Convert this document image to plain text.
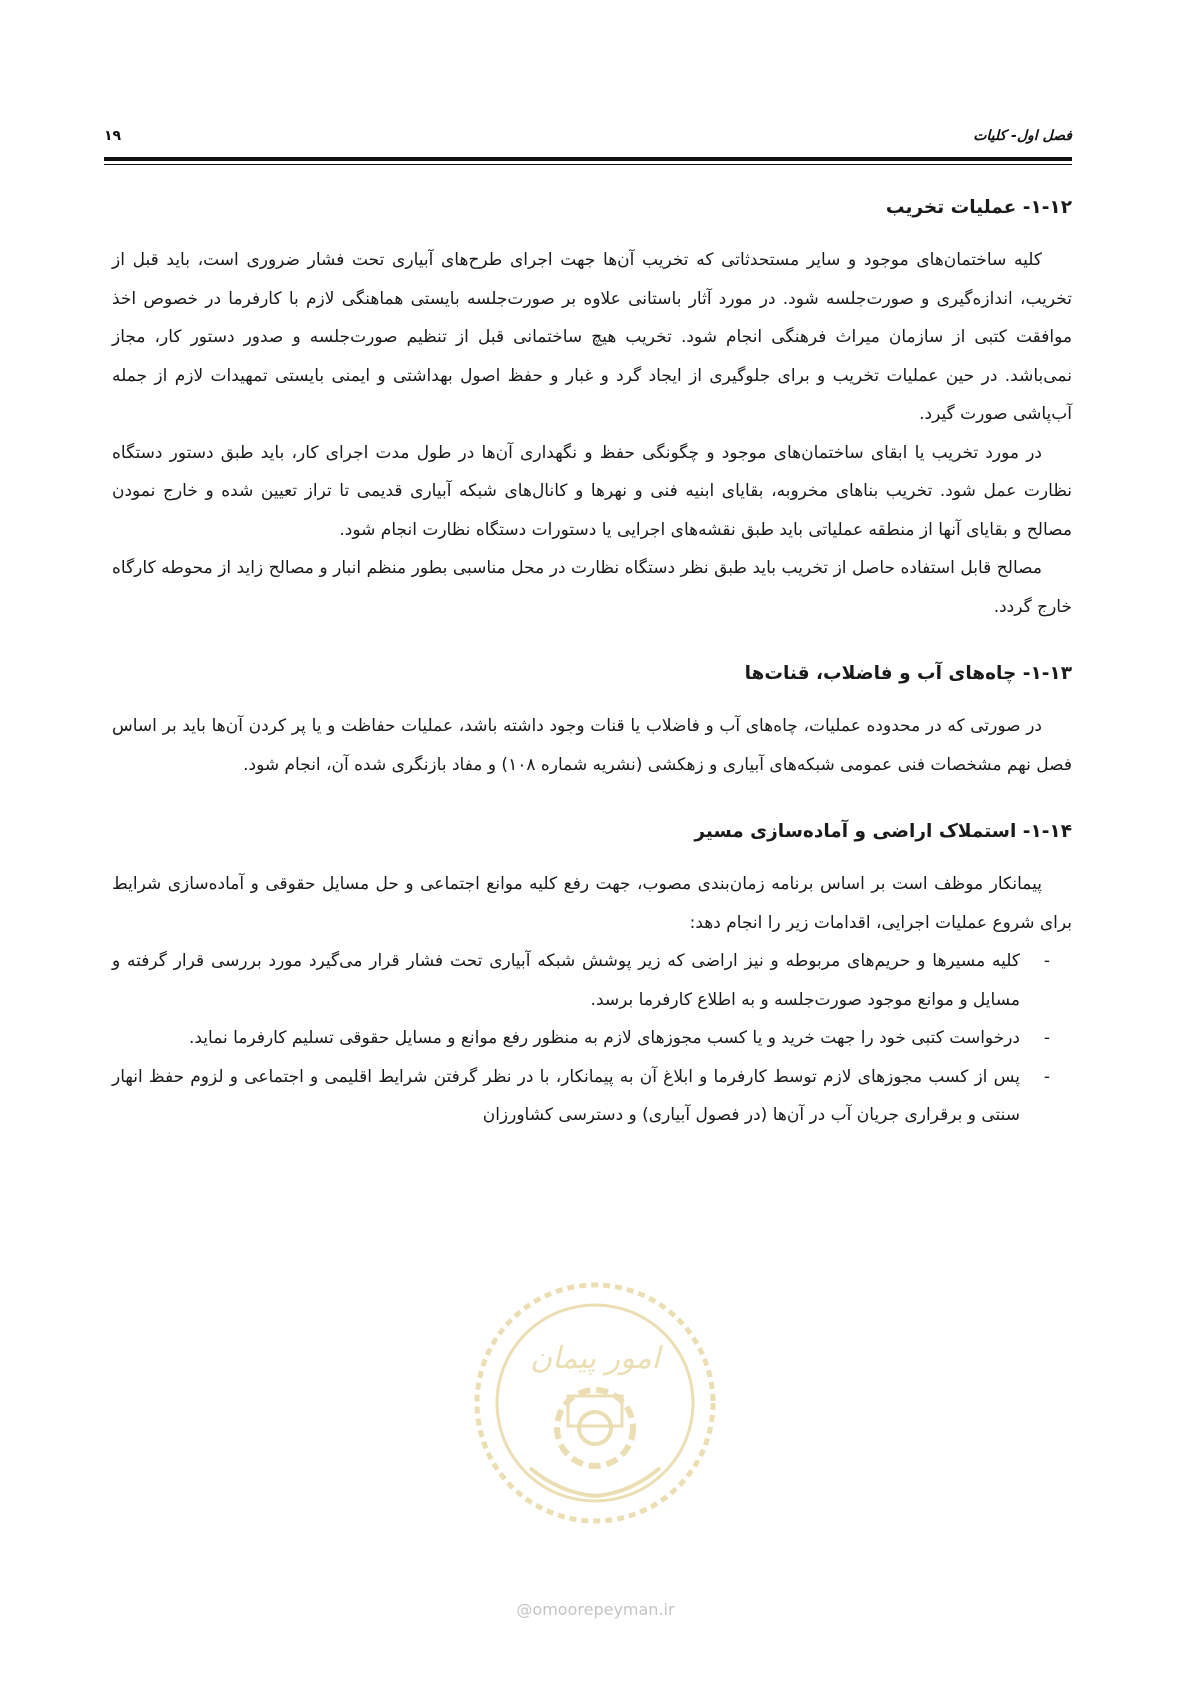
فصل اول- کلیات
۱۹
۱-۱۲- عملیات تخریب

کلیه ساختمان‌های موجود و سایر مستحدثاتی که تخریب آن‌ها جهت اجرای طرح‌های آبیاری تحت فشار ضروری است، باید قبل از تخریب، اندازه‌گیری و صورت‌جلسه شود. در مورد آثار باستانی علاوه بر صورت‌جلسه بایستی هماهنگی لازم با کارفرما در خصوص اخذ موافقت کتبی از سازمان میراث فرهنگی انجام شود. تخریب هیچ ساختمانی قبل از تنظیم صورت‌جلسه و صدور دستور کار، مجاز نمی‌باشد. در حین عملیات تخریب و برای جلوگیری از ایجاد گرد و غبار و حفظ اصول بهداشتی و ایمنی بایستی تمهیدات لازم از جمله آب‌پاشی صورت گیرد.

در مورد تخریب یا ابقای ساختمان‌های موجود و چگونگی حفظ و نگهداری آن‌ها در طول مدت اجرای کار، باید طبق دستور دستگاه نظارت عمل شود. تخریب بناهای مخروبه، بقایای ابنیه فنی و نهرها و کانال‌های شبکه آبیاری قدیمی تا تراز تعیین شده و خارج نمودن مصالح و بقایای آنها از منطقه عملیاتی باید طبق نقشه‌های اجرایی یا دستورات دستگاه نظارت انجام شود.

مصالح قابل استفاده حاصل از تخریب باید طبق نظر دستگاه نظارت در محل مناسبی بطور منظم انبار و مصالح زاید از محوطه کارگاه خارج گردد.

۱-۱۳- چاه‌های آب و فاضلاب، قنات‌ها

در صورتی که در محدوده عملیات، چاه‌های آب و فاضلاب یا قنات وجود داشته باشد، عملیات حفاظت و یا پر کردن آن‌ها باید بر اساس فصل نهم مشخصات فنی عمومی شبکه‌های آبیاری و زهکشی (نشریه شماره ۱۰۸) و مفاد بازنگری شده آن، انجام شود.

۱-۱۴- استملاک اراضی و آماده‌سازی مسیر

پیمانکار موظف است بر اساس برنامه زمان‌بندی مصوب، جهت رفع کلیه موانع اجتماعی و حل مسایل حقوقی و آماده‌سازی شرایط برای شروع عملیات اجرایی، اقدامات زیر را انجام دهد:

-
کلیه مسیرها و حریم‌های مربوطه و نیز اراضی که زیر پوشش شبکه آبیاری تحت فشار قرار می‌گیرد مورد بررسی قرار گرفته و مسایل و موانع موجود صورت‌جلسه و به اطلاع کارفرما برسد.
-
درخواست کتبی خود را جهت خرید و یا کسب مجوزهای لازم به منظور رفع موانع و مسایل حقوقی تسلیم کارفرما نماید.
-
پس از کسب مجوزهای لازم توسط کارفرما و ابلاغ آن به پیمانکار، با در نظر گرفتن شرایط اقلیمی و اجتماعی و لزوم حفظ انهار سنتی و برقراری جریان آب در آن‌ها (در فصول آبیاری) و دسترسی کشاورزان
امور پیمان
@omoorepeyman.ir
